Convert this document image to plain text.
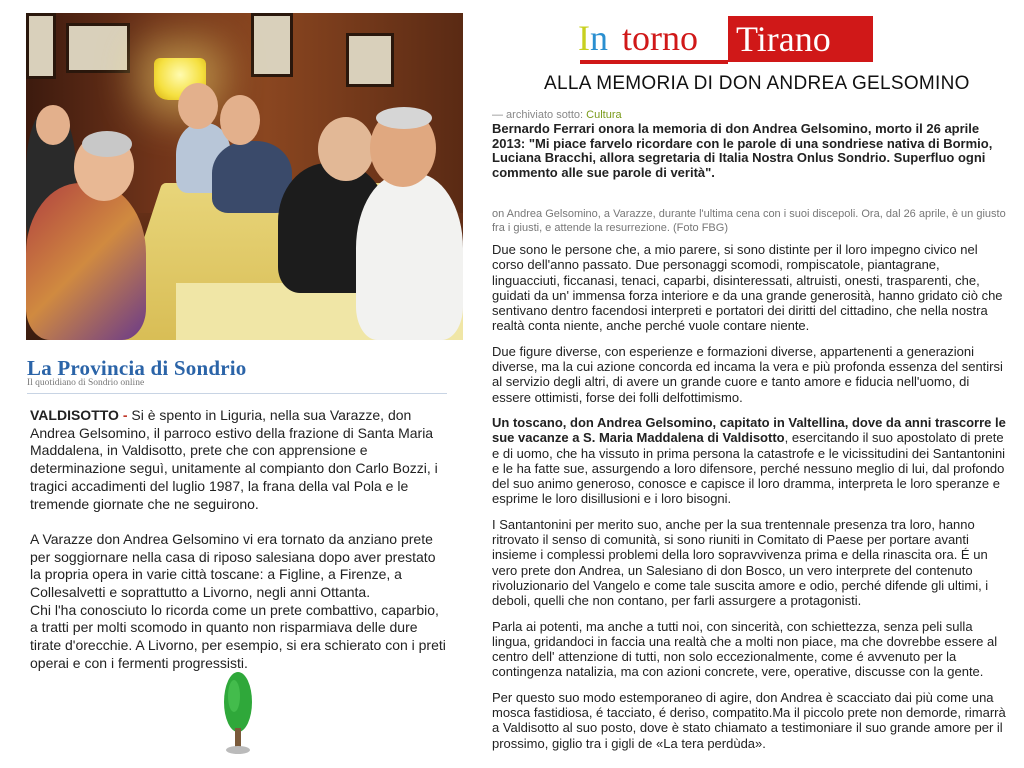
La Provincia di Sondrio
Il quotidiano di Sondrio online

VALDISOTTO - Si è spento in Liguria, nella sua Varazze, don Andrea Gelsomino, il parroco estivo della frazione di Santa Maria Maddalena, in Valdisotto, prete che con apprensione e determinazione seguì, unitamente al compianto don Carlo Bozzi, i tragici accadimenti del luglio 1987, la frana della val Pola e le tremende giornate che ne seguirono.

A Varazze don Andrea Gelsomino vi era tornato da anziano prete per soggiornare nella casa di riposo salesiana dopo aver prestato la propria opera in varie città toscane: a Figline, a Firenze, a Collesalvetti e soprattutto a Livorno, negli anni Ottanta.
Chi l'ha conosciuto lo ricorda come un prete combattivo, caparbio, a tratti per molti scomodo in quanto non risparmiava delle dure tirate d'orecchie. A Livorno, per esempio, si era schierato con i preti operai e con i fermenti progressisti.

In torno Tirano
ALLA MEMORIA DI DON ANDREA GELSOMINO
— archiviato sotto: Cultura
Bernardo Ferrari onora la memoria di don Andrea Gelsomino, morto il 26 aprile 2013: "Mi piace farvelo ricordare con le parole di una sondriese nativa di Bormio, Luciana Bracchi, allora segretaria di Italia Nostra Onlus Sondrio. Superfluo ogni commento alle sue parole di verità".
on Andrea Gelsomino, a Varazze, durante l'ultima cena con i suoi discepoli. Ora, dal 26 aprile, è un giusto fra i giusti, e attende la resurrezione. (Foto FBG)

Due sono le persone che, a mio parere, si sono distinte per il loro impegno civico nel corso dell'anno passato. Due personaggi scomodi, rompiscatole, piantagrane, linguacciuti, ficcanasi, tenaci, caparbi, disinteressati, altruisti, onesti, trasparenti, che, guidati da un' immensa forza interiore e da una grande generosità, hanno gridato ciò che sentivano dentro facendosi interpreti e portatori dei diritti del cittadino, che nella nostra realtà conta niente, anche perché vuole contare niente.

Due figure diverse, con esperienze e formazioni diverse, appartenenti a generazioni diverse, ma la cui azione concorda ed incama la vera e più profonda essenza del sentirsi al servizio degli altri, di avere un grande cuore e tanto amore e fiducia nell'uomo, di essere ottimisti, forse dei folli delfottimismo.

Un toscano, don Andrea Gelsomino, capitato in Valtellina, dove da anni trascorre le sue vacanze a S. Maria Maddalena di Valdisotto, esercitando il suo apostolato di prete e di uomo, che ha vissuto in prima persona la catastrofe e le vicissitudini dei Santantonini e le ha fatte sue, assurgendo a loro difensore, perché nessuno meglio di lui, dal profondo del suo animo generoso, conosce e capisce il loro dramma, interpreta le loro speranze e esprime le loro disillusioni e i loro bisogni.

I Santantonini per merito suo, anche per la sua trentennale presenza tra loro, hanno ritrovato il senso di comunità, si sono riuniti in Comitato di Paese per portare avanti insieme i complessi problemi della loro sopravvivenza prima e della rinascita ora. É un vero prete don Andrea, un Salesiano di don Bosco, un vero interprete del contenuto rivoluzionario del Vangelo e come tale suscita amore e odio, perché difende gli ultimi, i deboli, quelli che non contano, per farli assurgere a protagonisti.

Parla ai potenti, ma anche a tutti noi, con sincerità, con schiettezza, senza peli sulla lingua, gridandoci in faccia una realtà che a molti non piace, ma che dovrebbe essere al centro dell' attenzione di tutti, non solo eccezionalmente, come é avvenuto per la contingenza natalizia, ma con azioni concrete, vere, operative, discusse con la gente.

Per questo suo modo estemporaneo di agire, don Andrea è scacciato dai più come una mosca fastidiosa, é tacciato, é deriso, compatito.Ma il piccolo prete non demorde, rimarrà a Valdisotto al suo posto, dove è stato chiamato a testimoniare il suo grande amore per il prossimo, giglio tra i gigli de «La tera perdùda».
